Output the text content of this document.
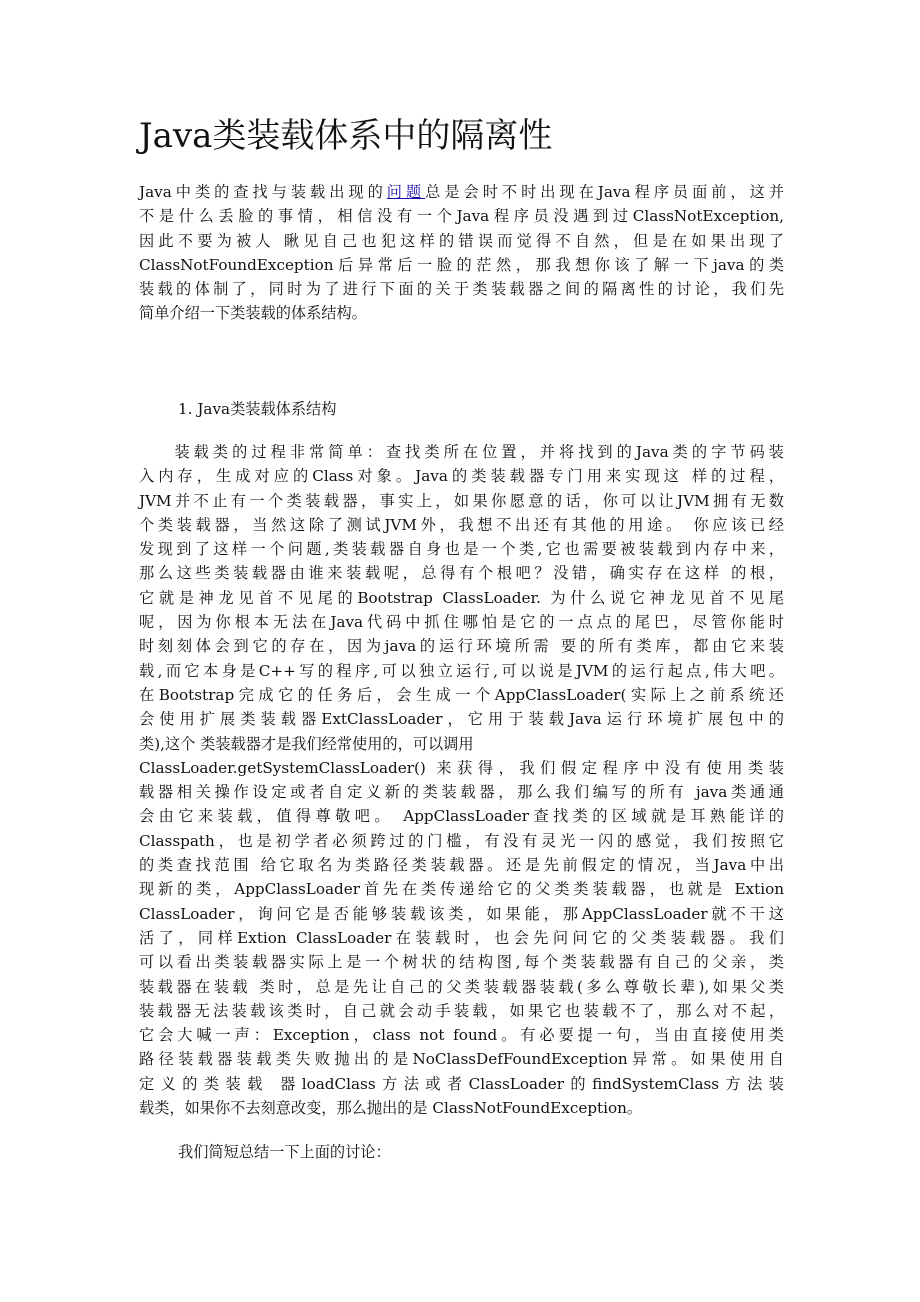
Java类装载体系中的隔离性
Java中类的查找与装载出现的问题总是会时不时出现在Java程序员面前，这并
不是什么丢脸的事情，相信没有一个Java程序员没遇到过ClassNotException,
因此不要为被人 瞅见自己也犯这样的错误而觉得不自然，但是在如果出现了
ClassNotFoundException后异常后一脸的茫然，那我想你该了解一下java的类
装载的体制了，同时为了进行下面的关于类装载器之间的隔离性的讨论，我们先
简单介绍一下类装载的体系结构。
1. Java类装载体系结构
装载类的过程非常简单：查找类所在位置，并将找到的Java类的字节码装
入内存，生成对应的Class对象。Java的类装载器专门用来实现这 样的过程，
JVM并不止有一个类装载器，事实上，如果你愿意的话，你可以让JVM拥有无数
个类装载器，当然这除了测试JVM外，我想不出还有其他的用途。 你应该已经
发现到了这样一个问题,类装载器自身也是一个类,它也需要被装载到内存中来，
那么这些类装载器由谁来装载呢，总得有个根吧？没错，确实存在这样 的根，
它就是神龙见首不见尾的Bootstrap ClassLoader. 为什么说它神龙见首不见尾
呢，因为你根本无法在Java代码中抓住哪怕是它的一点点的尾巴，尽管你能时
时刻刻体会到它的存在，因为java的运行环境所需 要的所有类库，都由它来装
载,而它本身是C++写的程序,可以独立运行,可以说是JVM的运行起点,伟大吧。
在Bootstrap完成它的任务后，会生成一个AppClassLoader(实际上之前系统还
会使用扩展类装载器ExtClassLoader，它用于装载Java运行环境扩展包中的
类),这个 类装载器才是我们经常使用的，可以调用
ClassLoader.getSystemClassLoader() 来获得，我们假定程序中没有使用类装
载器相关操作设定或者自定义新的类装载器，那么我们编写的所有 java类通通
会由它来装载，值得尊敬吧。 AppClassLoader查找类的区域就是耳熟能详的
Classpath，也是初学者必须跨过的门槛，有没有灵光一闪的感觉，我们按照它
的类查找范围 给它取名为类路径类装载器。还是先前假定的情况，当Java中出
现新的类，AppClassLoader首先在类传递给它的父类类装载器，也就是 Extion
ClassLoader，询问它是否能够装载该类，如果能，那AppClassLoader就不干这
活了，同样Extion ClassLoader在装载时，也会先问问它的父类装载器。我们
可以看出类装载器实际上是一个树状的结构图,每个类装载器有自己的父亲，类
装载器在装载 类时，总是先让自己的父类装载器装载(多么尊敬长辈),如果父类
装载器无法装载该类时，自己就会动手装载，如果它也装载不了，那么对不起，
它会大喊一声：Exception，class not found。有必要提一句，当由直接使用类
路径装载器装载类失败抛出的是NoClassDefFoundException异常。如果使用自
定义的类装载 器loadClass方法或者ClassLoader的findSystemClass方法装
载类，如果你不去刻意改变，那么抛出的是 ClassNotFoundException。

我们简短总结一下上面的讨论：
